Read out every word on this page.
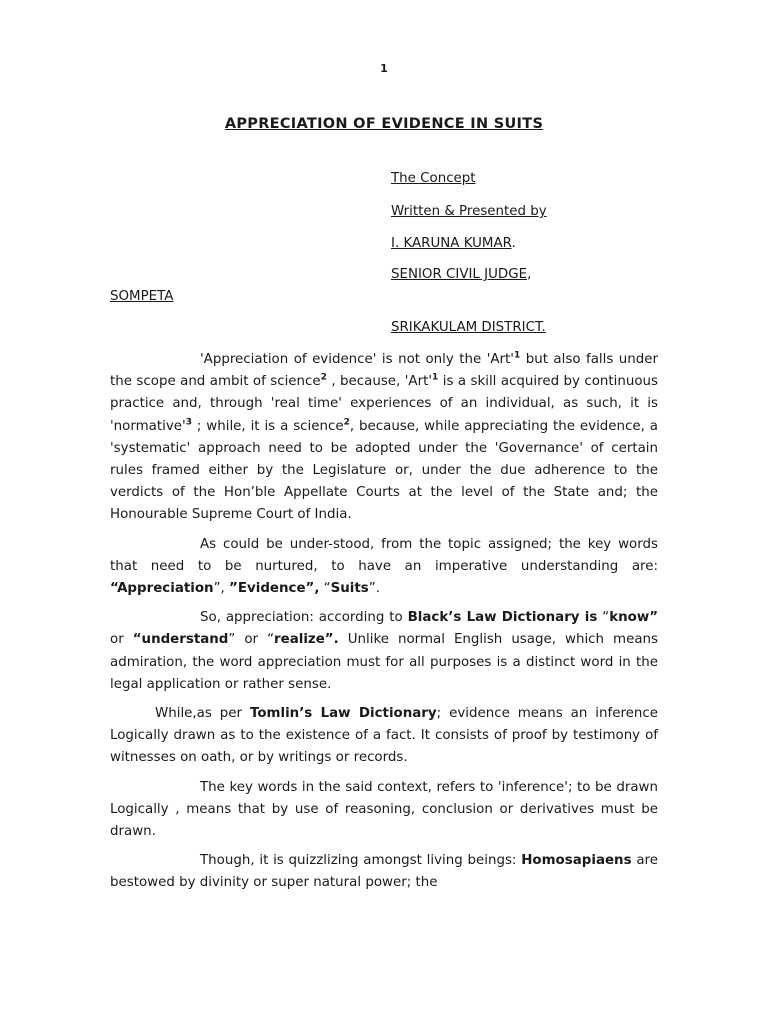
1
APPRECIATION OF EVIDENCE IN SUITS
The Concept
Written & Presented by
I. KARUNA KUMAR.
SENIOR CIVIL JUDGE,
SOMPETA
SRIKAKULAM DISTRICT.

'Appreciation of evidence' is not only the '$Art'^1$ but also falls under the scope and ambit of science$^2$ , because, '$Art'^1$ is a skill acquired by continuous practice and, through 'real time' experiences of an individual, as such, it is '$normative'^3$ ; while, it is a science$^2$, because, while appreciating the evidence, a 'systematic' approach need to be adopted under the 'Governance' of certain rules framed either by the Legislature or, under the due adherence to the verdicts of the Hon’ble Appellate Courts at the level of the State and; the Honourable Supreme Court of India.

As could be under-stood, from the topic assigned; the key words that need to be nurtured, to have an imperative understanding are: “Appreciation”, ”Evidence”, “Suits”.

So, appreciation: according to Black’s Law Dictionary is “know” or “understand” or “realize”. Unlike normal English usage, which means admiration, the word appreciation must for all purposes is a distinct word in the legal application or rather sense.

While,as per Tomlin’s Law Dictionary; evidence means an inference Logically drawn as to the existence of a fact. It consists of proof by testimony of witnesses on oath, or by writings or records.

The key words in the said context, refers to 'inference'; to be drawn Logically , means that by use of reasoning, conclusion or derivatives must be drawn.

Though, it is quizzlizing amongst living beings: Homosapiaens are bestowed by divinity or super natural power; the
